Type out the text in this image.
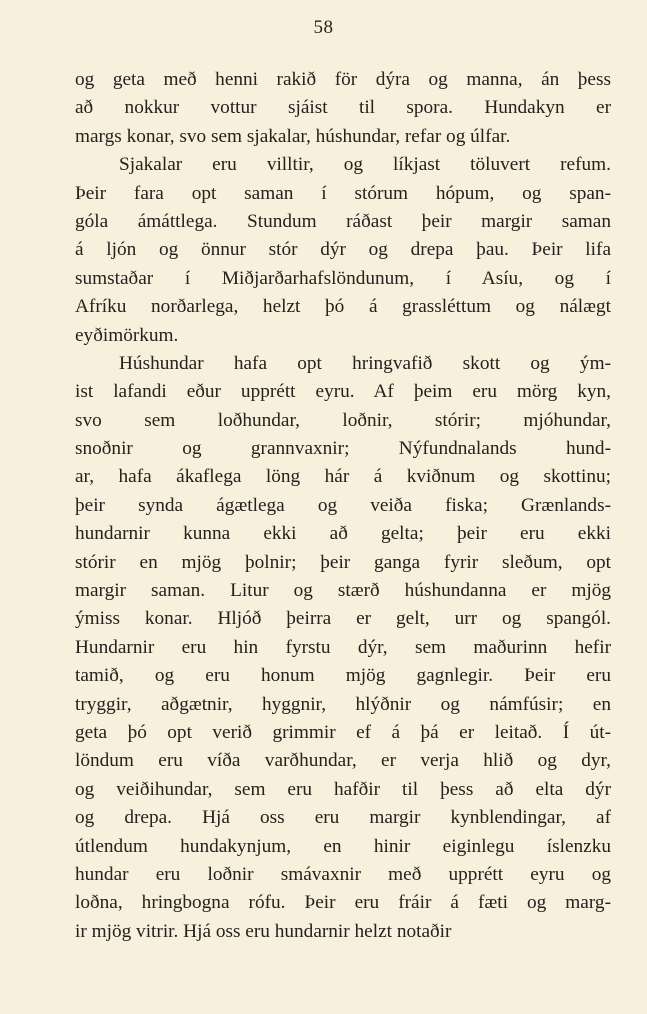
58
og geta með henni rakið för dýra og manna, án þess
að nokkur vottur sjáist til spora. Hundakyn er
margs konar, svo sem sjakalar, húshundar, refar og úlfar.
Sjakalar eru villtir, og líkjast töluvert refum.
Þeir fara opt saman í stórum hópum, og span-
góla ámáttlega. Stundum ráðast þeir margir saman
á ljón og önnur stór dýr og drepa þau. Þeir lifa
sumstaðar í Miðjarðarhafslöndunum, í Asíu, og í
Afríku norðarlega, helzt þó á grassléttum og nálægt
eyðimörkum.
Húshundar hafa opt hringvafið skott og ým-
ist lafandi eður upprétt eyru. Af þeim eru mörg kyn,
svo sem loðhundar, loðnir, stórir; mjóhundar,
snoðnir og grannvaxnir; Nýfundnalands hund-
ar, hafa ákaflega löng hár á kviðnum og skottinu;
þeir synda ágætlega og veiða fiska; Grænlands-
hundarnir kunna ekki að gelta; þeir eru ekki
stórir en mjög þolnir; þeir ganga fyrir sleðum, opt
margir saman. Litur og stærð húshundanna er mjög
ýmiss konar. Hljóð þeirra er gelt, urr og spangól.
Hundarnir eru hin fyrstu dýr, sem maðurinn hefir
tamið, og eru honum mjög gagnlegir. Þeir eru
tryggir, aðgætnir, hyggnir, hlýðnir og námfúsir; en
geta þó opt verið grimmir ef á þá er leitað. Í út-
löndum eru víða varðhundar, er verja hlið og dyr,
og veiðihundar, sem eru hafðir til þess að elta dýr
og drepa. Hjá oss eru margir kynblendingar, af
útlendum hundakynjum, en hinir eiginlegu íslenzku
hundar eru loðnir smávaxnir með upprétt eyru og
loðna, hringbogna rófu. Þeir eru fráir á fæti og marg-
ir mjög vitrir. Hjá oss eru hundarnir helzt notaðir
